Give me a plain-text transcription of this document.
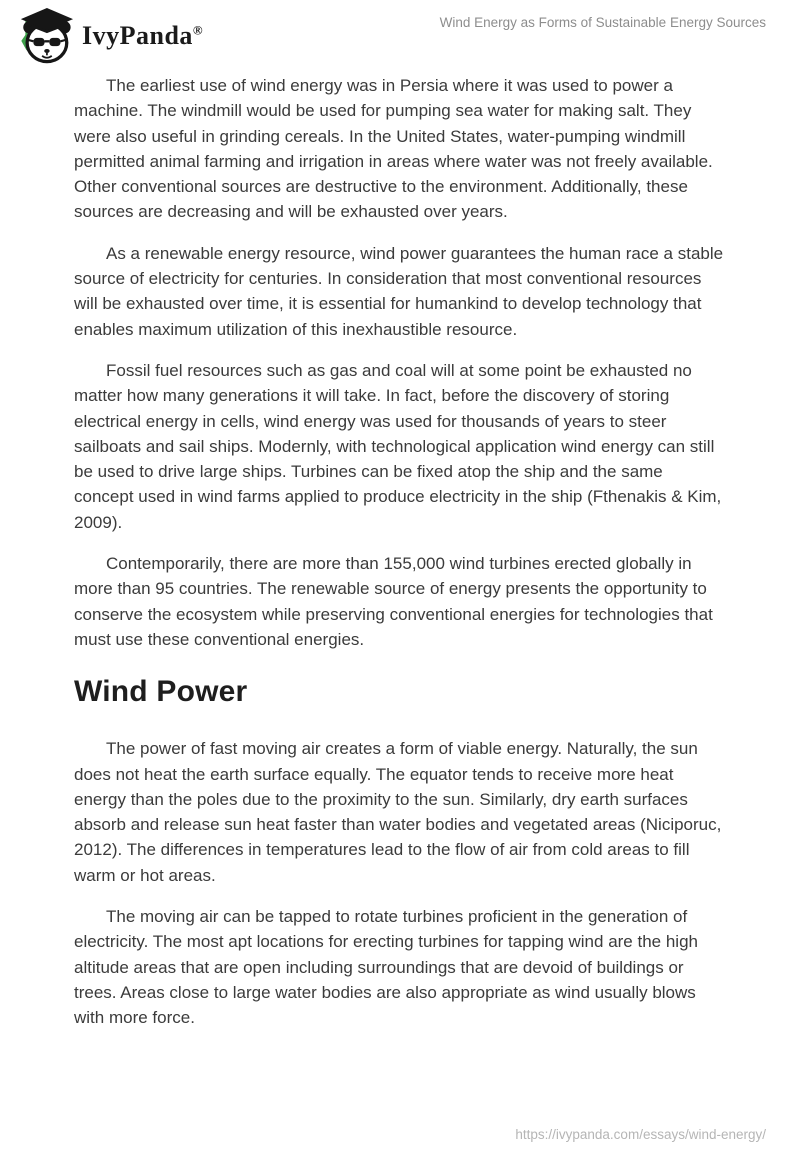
IvyPanda®	Wind Energy as Forms of Sustainable Energy Sources

The earliest use of wind energy was in Persia where it was used to power a machine. The windmill would be used for pumping sea water for making salt. They were also useful in grinding cereals. In the United States, water-pumping windmill permitted animal farming and irrigation in areas where water was not freely available. Other conventional sources are destructive to the environment. Additionally, these sources are decreasing and will be exhausted over years.

As a renewable energy resource, wind power guarantees the human race a stable source of electricity for centuries. In consideration that most conventional resources will be exhausted over time, it is essential for humankind to develop technology that enables maximum utilization of this inexhaustible resource.

Fossil fuel resources such as gas and coal will at some point be exhausted no matter how many generations it will take. In fact, before the discovery of storing electrical energy in cells, wind energy was used for thousands of years to steer sailboats and sail ships. Modernly, with technological application wind energy can still be used to drive large ships. Turbines can be fixed atop the ship and the same concept used in wind farms applied to produce electricity in the ship (Fthenakis & Kim, 2009).

Contemporarily, there are more than 155,000 wind turbines erected globally in more than 95 countries. The renewable source of energy presents the opportunity to conserve the ecosystem while preserving conventional energies for technologies that must use these conventional energies.

Wind Power

The power of fast moving air creates a form of viable energy. Naturally, the sun does not heat the earth surface equally. The equator tends to receive more heat energy than the poles due to the proximity to the sun. Similarly, dry earth surfaces absorb and release sun heat faster than water bodies and vegetated areas (Niciporuc, 2012). The differences in temperatures lead to the flow of air from cold areas to fill warm or hot areas.

The moving air can be tapped to rotate turbines proficient in the generation of electricity. The most apt locations for erecting turbines for tapping wind are the high altitude areas that are open including surroundings that are devoid of buildings or trees. Areas close to large water bodies are also appropriate as wind usually blows with more force.

https://ivypanda.com/essays/wind-energy/
